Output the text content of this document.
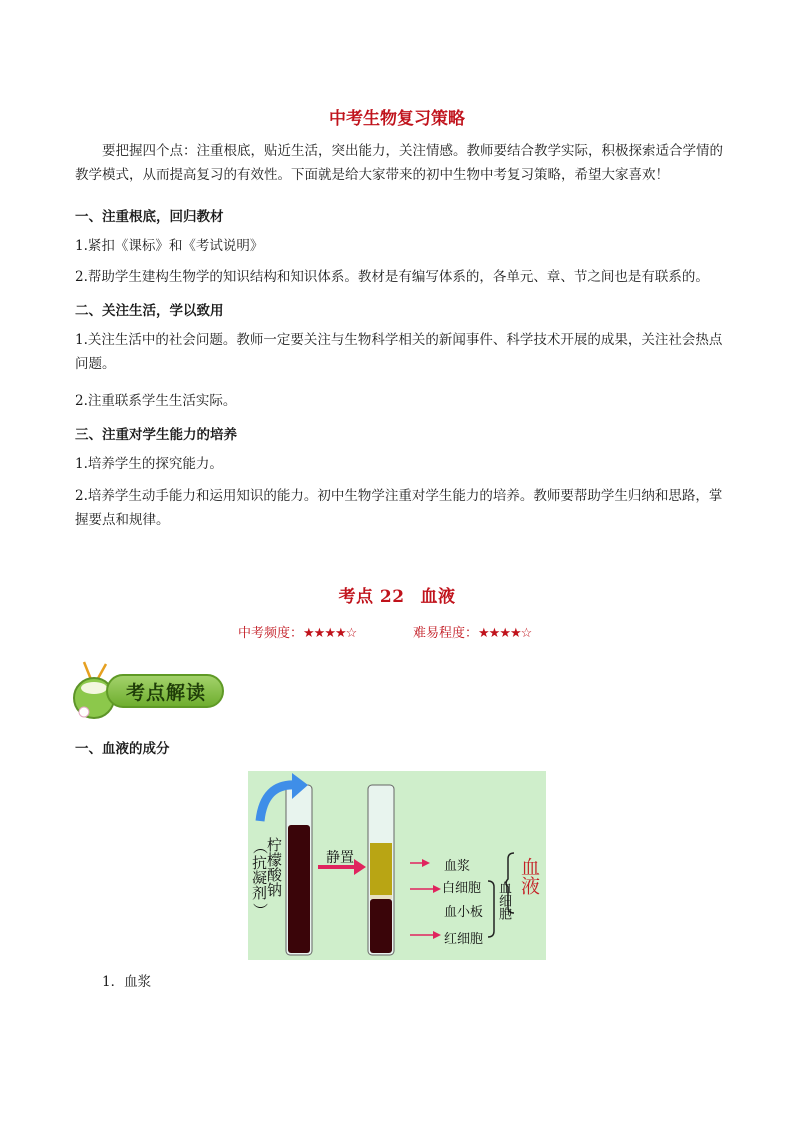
中考生物复习策略
要把握四个点：注重根底，贴近生活，突出能力，关注情感。教师要结合教学实际，积极探索适合学情的教学模式，从而提高复习的有效性。下面就是给大家带来的初中生物中考复习策略，希望大家喜欢！
一、注重根底，回归教材
1.紧扣《课标》和《考试说明》
2.帮助学生建构生物学的知识结构和知识体系。教材是有编写体系的，各单元、章、节之间也是有联系的。
二、关注生活，学以致用
1.关注生活中的社会问题。教师一定要关注与生物科学相关的新闻事件、科学技术开展的成果，关注社会热点问题。
2.注重联系学生生活实际。
三、注重对学生能力的培养
1.培养学生的探究能力。
2.培养学生动手能力和运用知识的能力。初中生物学注重对学生能力的培养。教师要帮助学生归纳和思路，掌握要点和规律。
考点 22 血液
中考频度：★★★★☆	难易程度：★★★★☆
考点解读
一、血液的成分
（
抗凝剂
柠檬酸钠
）
静置
血浆
白细胞
血小板
红细胞
血细胞
血液
1．血浆
